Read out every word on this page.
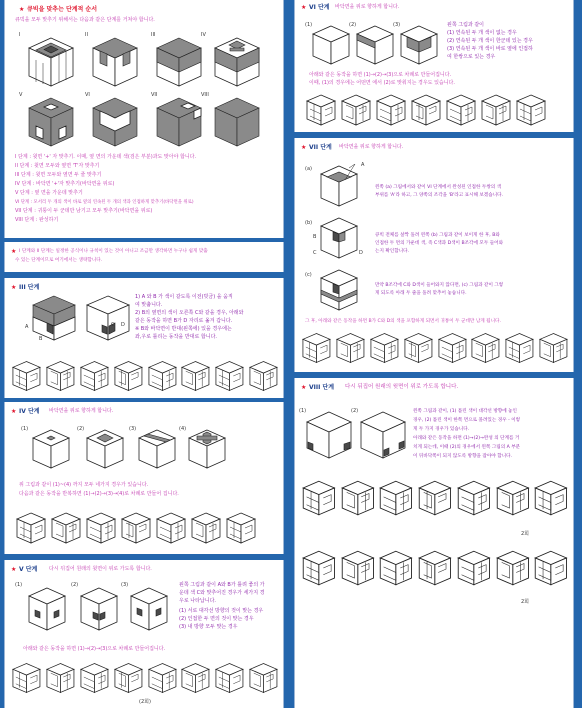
★ 큐빅을 맞추는 단계적 순서
큐빅을 모두 맞추기 위해서는 다음과 같은 단계를 거쳐야 합니다.
I	II	III	IV
V	VI	VII	VIII
I 단계 : 윗면 '+' 자 맞추기. 이때, 옆 면의 가운데 색(검은 부분)과도 맞아야 합니다.
II 단계 : 윗면 모두와 옆면 'T'자 맞추기
III 단계 : 윗면 모두와 옆면 두 줄 맞추기
IV 단계 : 바닥면 '+'자 맞추기(바닥면을 위로)
V 단계 : 옆 면을 가운데 맞추기
VI 단계 : 모서리 두 개의 색이 바로 옆의 연속된 두 개의 색과 인접하게 맞추기(바닥면을 위로)
VII 단계 : 귀퉁이 두 군데만 남기고 모두 맞추기(바닥면을 위로)
VIII 단계 : 완성하기
★ I 단계와 II 단계는 일정한 공식이나 규칙이 있는 것이 아니고 조금만 생각하면 누구나 쉽게 맞출
수 있는 단계이므로 여기에서는 생략합니다.
★ III 단계
A
B
C D
1) A 와 B 가 색이 같도록 이전(빗금) 을 움직
여 맞춥니다.
2) B의 옆면의 색이 오른쪽 C와 같을 경우, 아래와
같은 동작을 하면 B가 D 자리로 옮겨 갑니다.
※ B와 바닥면이 반대(왼쪽에) 있을 경우에는
좌,우로 틀리는 동작을 반대로 합니다.
★ IV 단계 바닥면을 위로 향하게 합니다.
(1)	(2)	(3)	(4)
위 그림과 같이 (1)~(4) 까지 모두 네가지 경우가 있습니다.
다음과 같은 동작을 반복하면 (1)→(2)→(3)→(4)로 차례로 만들어 집니다.
★ V 단계 다시 뒤집어 원래의 윗면이 위로 가도록 합니다.
(1)	(2)	(3)	왼쪽 그림과 같이 A와 B가 틀려 좋의 가
운데 색 C와 맞추어진 경우가 세가지 경
우로 나타납니다.
(1) 서로 대각선 방향의 것이 맞는 경우
(2) 인접한 두 면의 것이 맞는 경우
(3) 내 방향 모두 맞는 경우
아래와 같은 동작을 하면 (1)→(2)→(3)으로 차례로 만들어집니다.
(2회)
★ VI 단계 바닥면을 위로 향하게 합니다.
(1)	(2)	(3)	왼쪽 그림과 같이
(1) 연속된 두 개 색이 없는 경우
(2) 연속된 두 개 색이 한군데 있는 경우
(3) 연속된 두 개 색이 바로 옆에 인접하
여 한쌍으로 있는 경우
아래와 같은 동작을 하면 (1)→(2)→(3)으로 차례로 만들어집니다.
이때, (1)의 경우에는 어떤면 에서 (2)로 맞춰지는 경우도 있습니다.
★ VII 단계 바닥면을 위로 향하게 합니다.
(a)
(b)
(c)
A
B
C	D
왼쪽 (a) 그림에서와 같이 VI 단계에서 완성된 인접한 두쌍의 색
부위를 'A'라 하고, 그 양쪽의 조각을 'B'라고 표시해 보겠습니다.
큐빅 전체를 살짝 돌려 왼쪽 (b) 그림과 같이 보이게 한 후, B와
인접한 두 면의 가운데 색, 즉 C색과 D색이 B조각에 모두 들어와
는지 확인합니다.
만약 B조각에 C와 D색이 들어와지 않다면, (c) 그림과 같이 그렇
게 되도록 아래 두 줄을 돌려 맞추어 놓습니다.
그 후, 아래와 같은 동작을 하면 B가 C와 D의 색을 포함하게 되면서 귀퉁이 두 군데만 남게 됩니다.
★ VIII 단계 다시 뒤집어 원래의 윗면이 위로 가도록 합니다.
(1)	(2)	왼쪽 그림과 같이, (1) 틀린 색이 대각선 방향에 놓인
경우, (2) 틀린 색이 한쪽 면으로 몰려있는 경우 - 이렇
게 두 가지 경우가 있습니다.
아래와 같은 동작을 하면 (1)→(2)→완성 의 단계를 거
치게 되는데, 이때 (2)의 경우에서 왼쪽 그림의 A 부분
이 뒤바닥쪽이 되지 않도록 방향을 잡아야 합니다.
2회
2회
